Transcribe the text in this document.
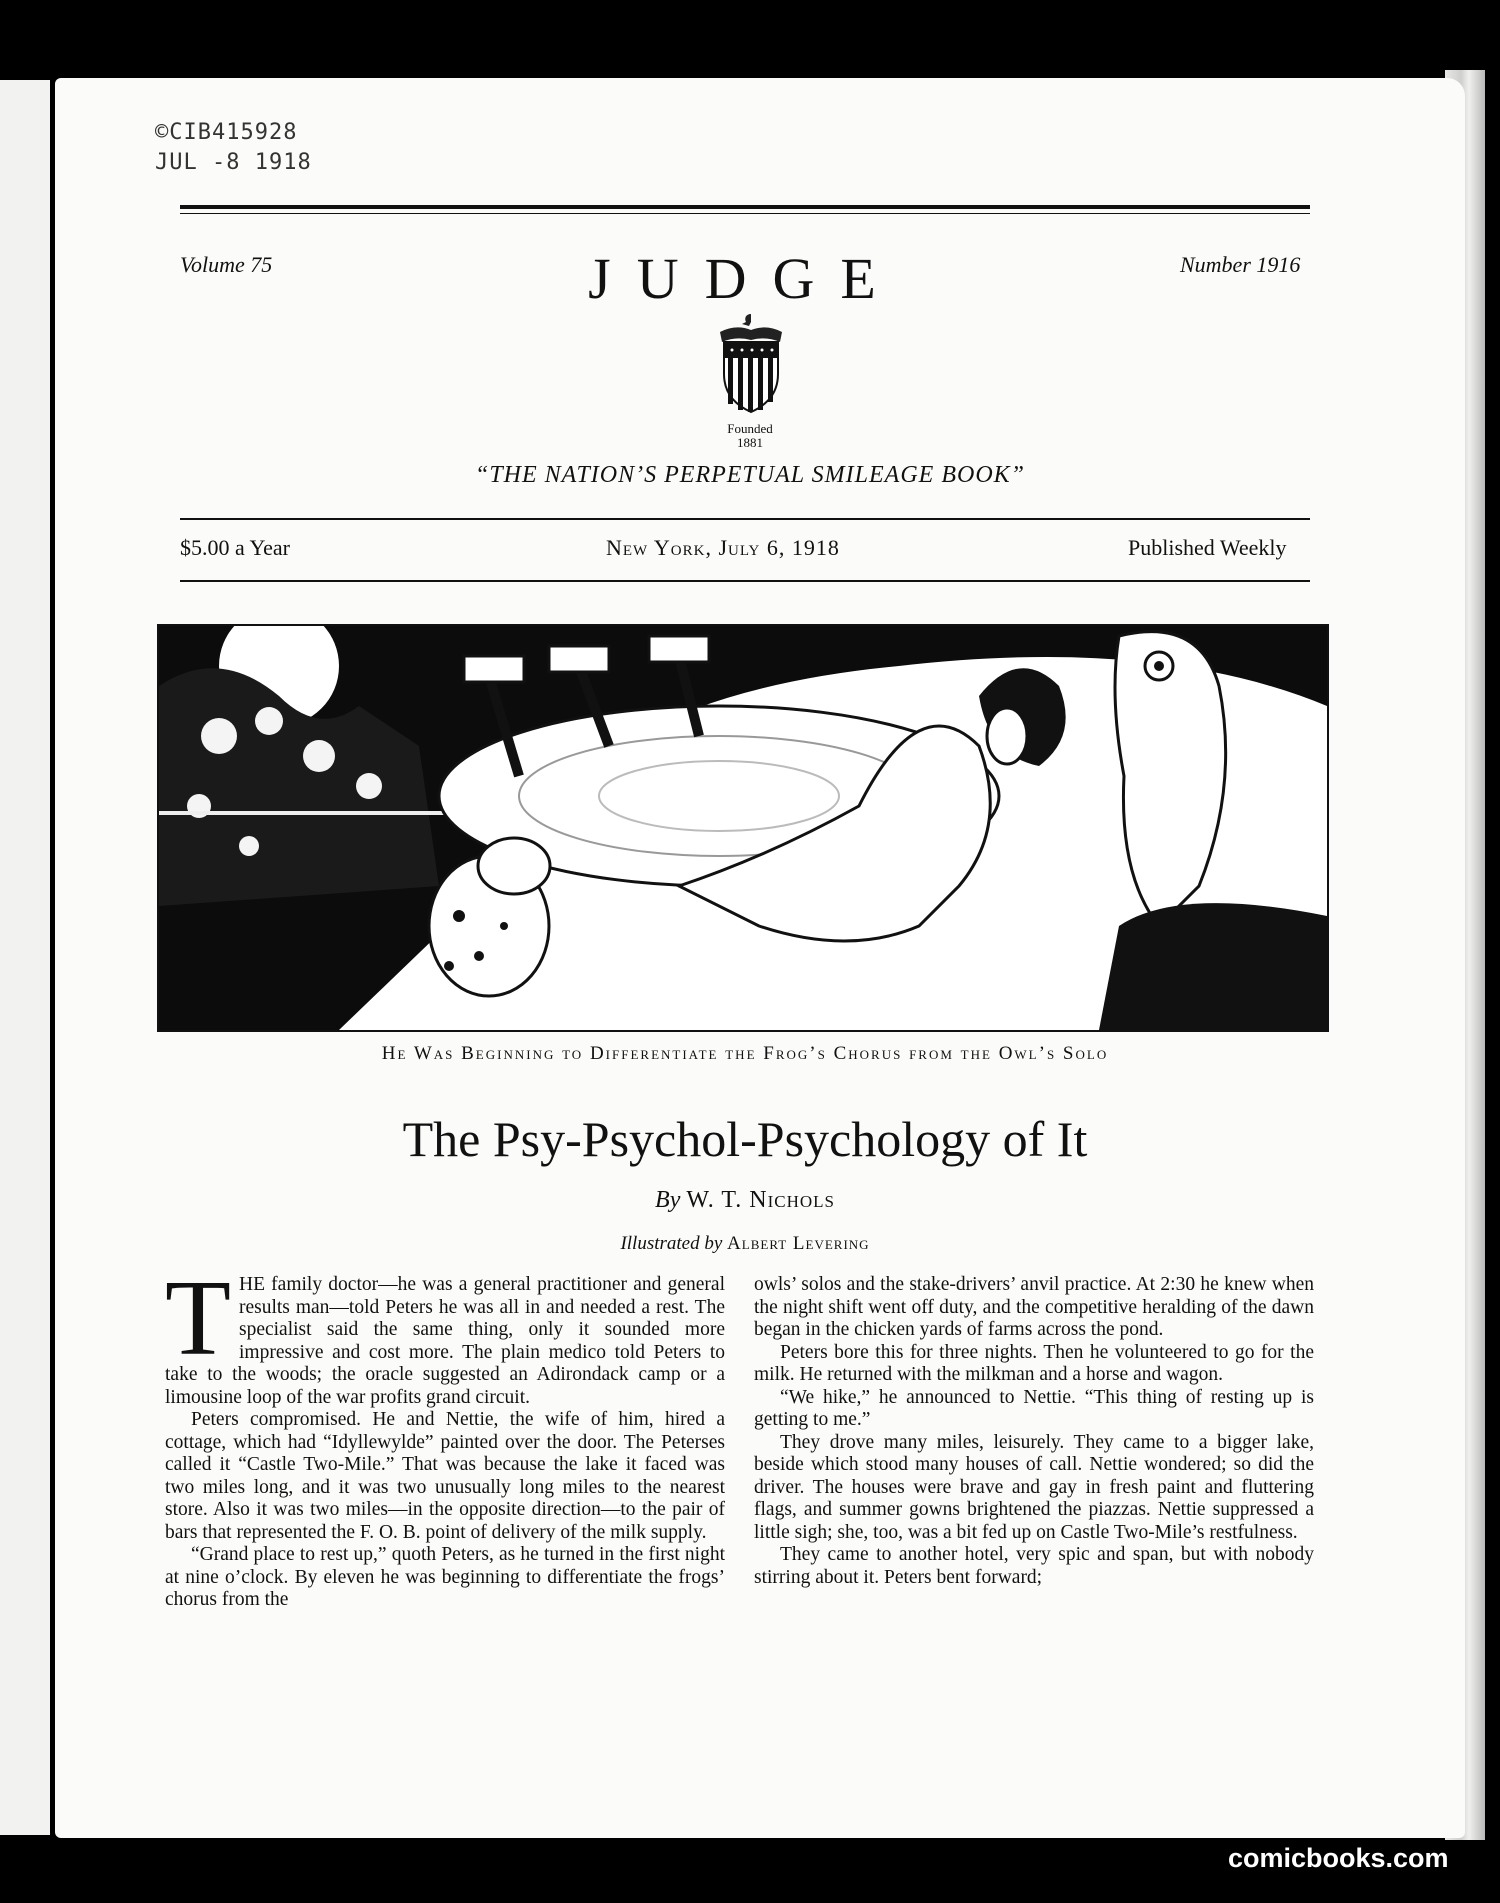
©CIB415928
JUL -8 1918
Volume 75	JUDGE	Number 1916
Founded
1881
“THE NATION’S PERPETUAL SMILEAGE BOOK”
$5.00 a Year	New York, July 6, 1918	Published Weekly
He Was Beginning to Differentiate the Frog’s Chorus from the Owl’s Solo
The Psy-Psychol-Psychology of It
By W. T. Nichols
Illustrated by Albert Levering

THE family doctor—he was a general practitioner and general results man—told Peters he was all in and needed a rest. The specialist said the same thing, only it sounded more impressive and cost more. The plain medico told Peters to take to the woods; the oracle suggested an Adirondack camp or a limousine loop of the war profits grand circuit.

Peters compromised. He and Nettie, the wife of him, hired a cottage, which had “Idyllewylde” painted over the door. The Peterses called it “Castle Two-Mile.” That was because the lake it faced was two miles long, and it was two unusually long miles to the nearest store. Also it was two miles—in the opposite direction—to the pair of bars that represented the F. O. B. point of delivery of the milk supply.

“Grand place to rest up,” quoth Peters, as he turned in the first night at nine o’clock. By eleven he was beginning to differentiate the frogs’ chorus from the

owls’ solos and the stake-drivers’ anvil practice. At 2:30 he knew when the night shift went off duty, and the competitive heralding of the dawn began in the chicken yards of farms across the pond.

Peters bore this for three nights. Then he volunteered to go for the milk. He returned with the milkman and a horse and wagon.

“We hike,” he announced to Nettie. “This thing of resting up is getting to me.”

They drove many miles, leisurely. They came to a bigger lake, beside which stood many houses of call. Nettie wondered; so did the driver. The houses were brave and gay in fresh paint and fluttering flags, and summer gowns brightened the piazzas. Nettie suppressed a little sigh; she, too, was a bit fed up on Castle Two-Mile’s restfulness.

They came to another hotel, very spic and span, but with nobody stirring about it. Peters bent forward;

comicbooks.com
